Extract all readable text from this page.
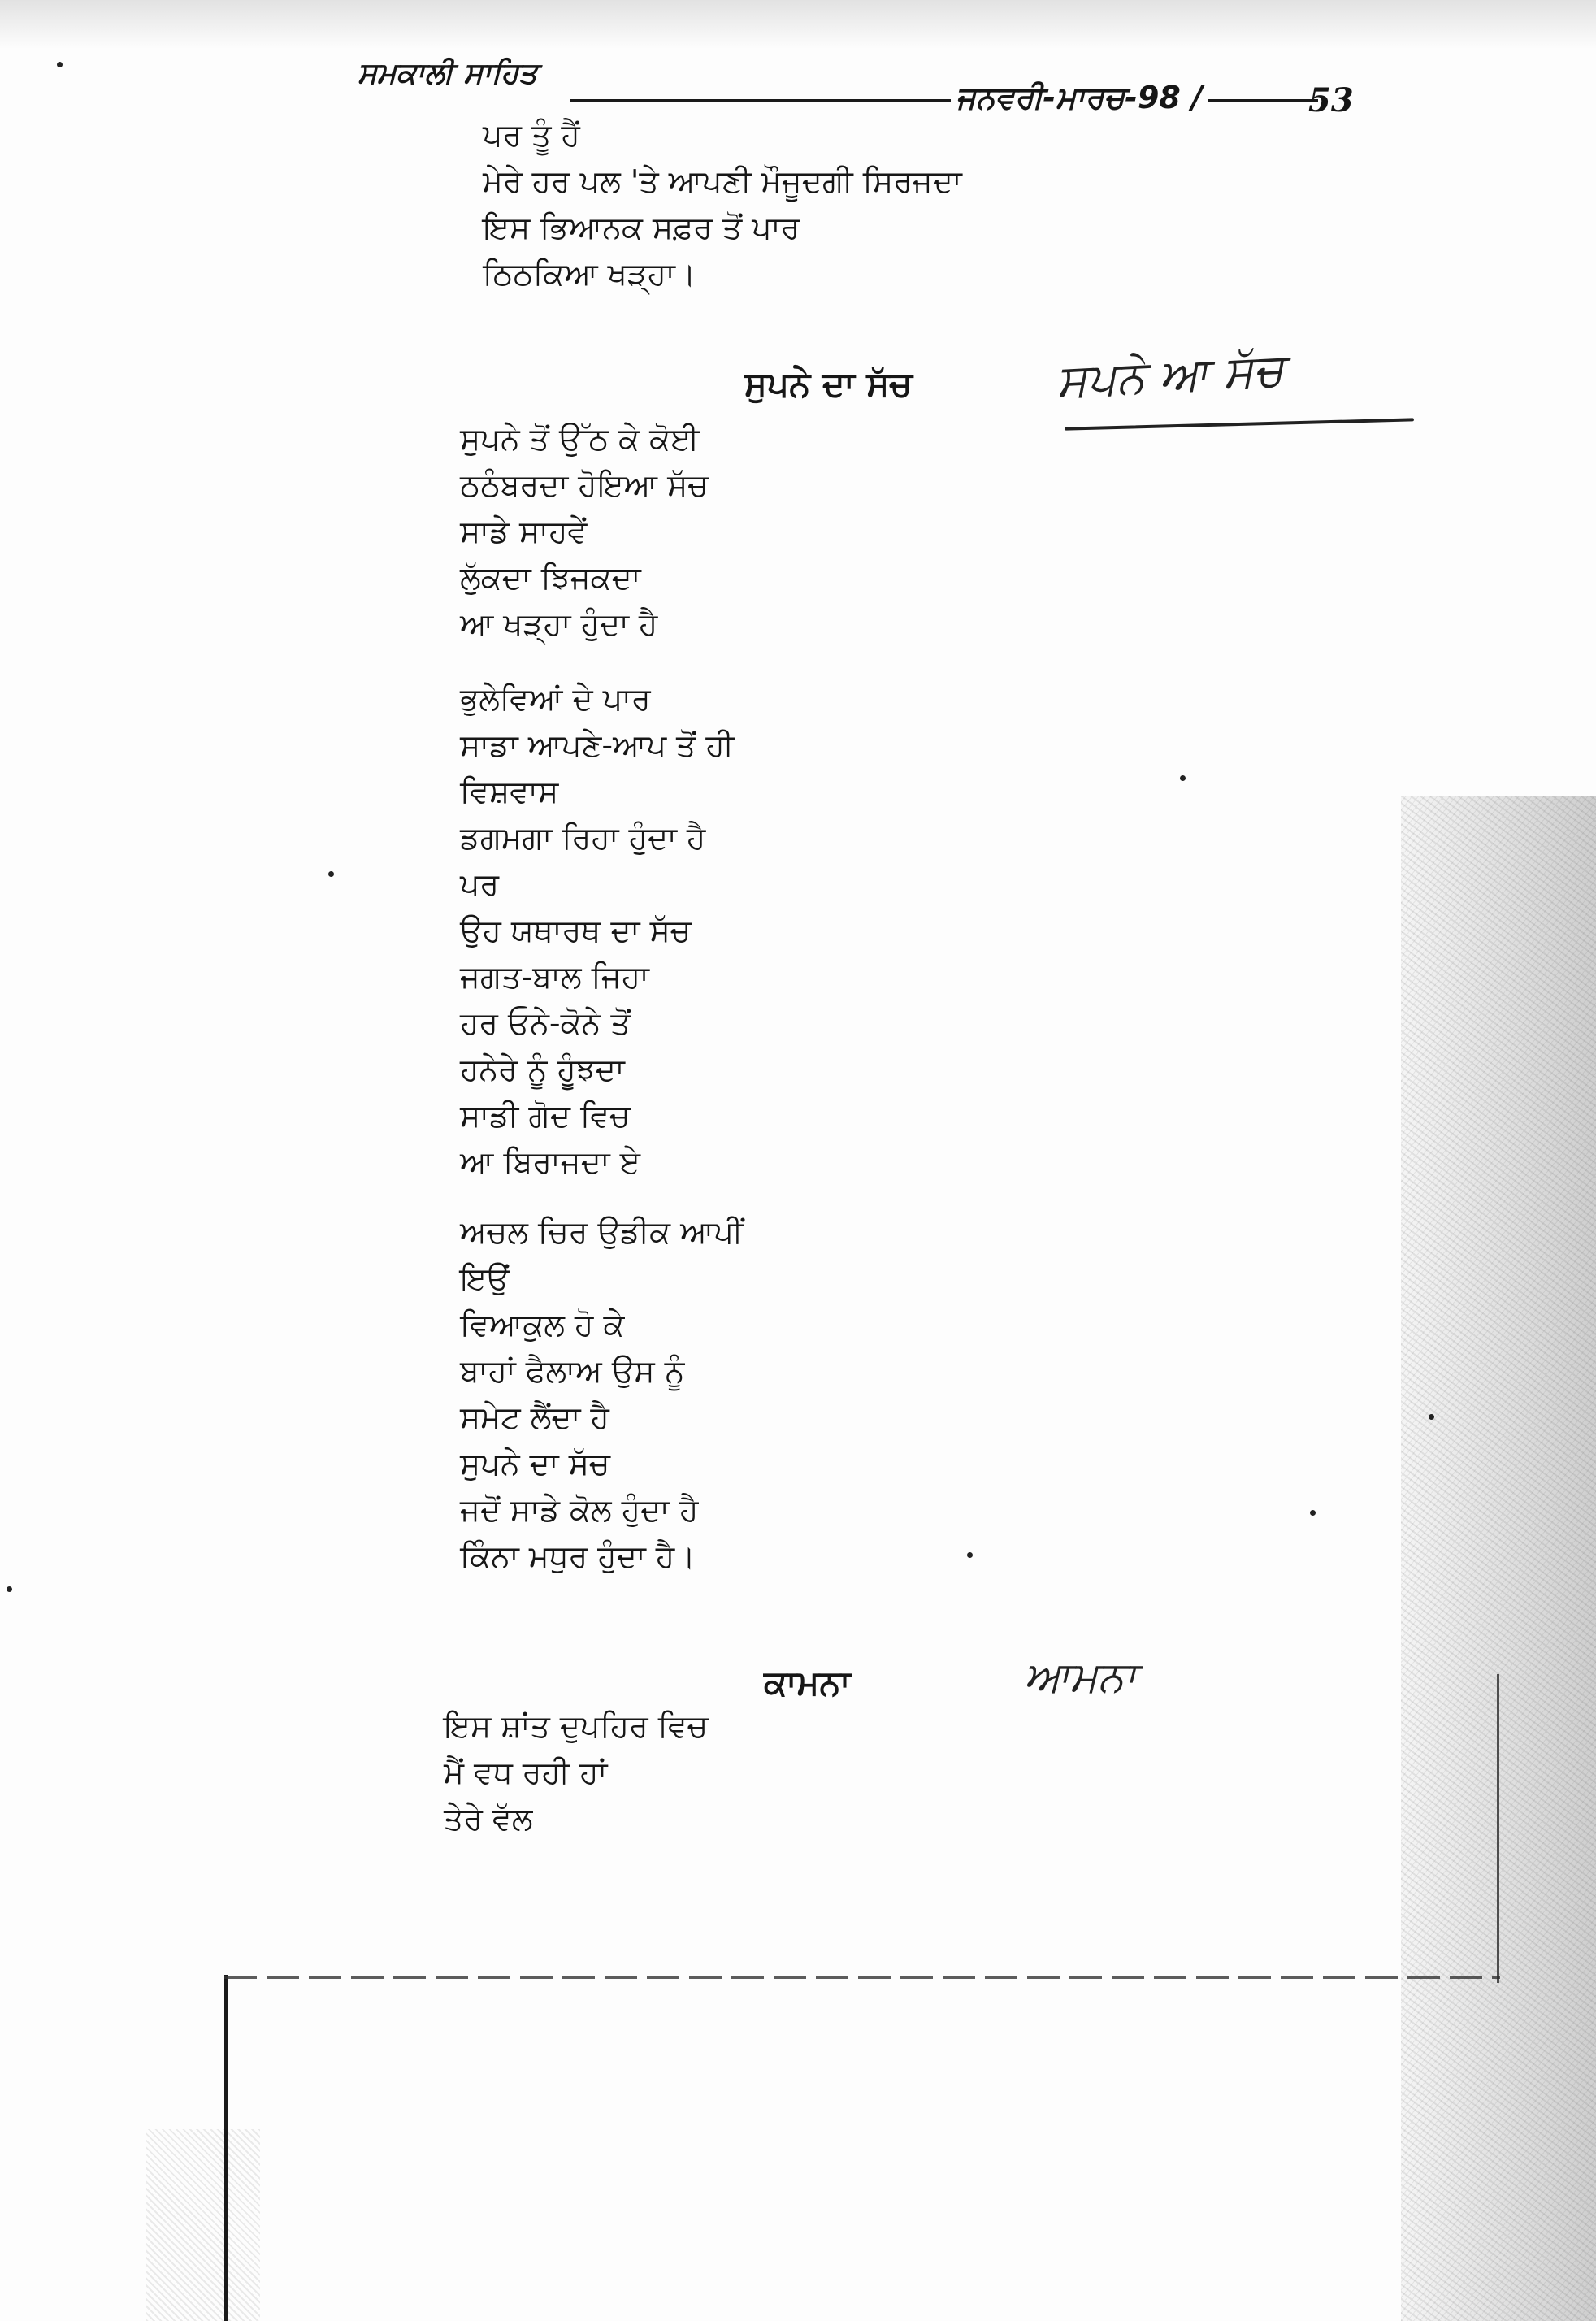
ਸਮਕਾਲੀ ਸਾਹਿਤ
ਜਨਵਰੀ-ਮਾਰਚ-98 /	53
ਪਰ ਤੂੰ ਹੈਂ
ਮੇਰੇ ਹਰ ਪਲ 'ਤੇ ਆਪਣੀ ਮੌਜੂਦਗੀ ਸਿਰਜਦਾ
ਇਸ ਭਿਆਨਕ ਸਫ਼ਰ ਤੋਂ ਪਾਰ
ਠਿਠਕਿਆ ਖੜ੍ਹਾ।
ਸੁਪਨੇ ਦਾ ਸੱਚ	ਸਪਨੇ ਆ ਸੱਚ
ਸੁਪਨੇ ਤੋਂ ਉੱਠ ਕੇ ਕੋਈ
ਠਠੰਬਰਦਾ ਹੋਇਆ ਸੱਚ
ਸਾਡੇ ਸਾਹਵੇਂ
ਲੁੱਕਦਾ ਝਿਜਕਦਾ
ਆ ਖੜ੍ਹਾ ਹੁੰਦਾ ਹੈ
ਭੁਲੇਵਿਆਂ ਦੇ ਪਾਰ
ਸਾਡਾ ਆਪਣੇ-ਆਪ ਤੋਂ ਹੀ
ਵਿਸ਼ਵਾਸ
ਡਗਮਗਾ ਰਿਹਾ ਹੁੰਦਾ ਹੈ
ਪਰ
ਉਹ ਯਥਾਰਥ ਦਾ ਸੱਚ
ਜਗਤ-ਬਾਲ ਜਿਹਾ
ਹਰ ਓਨੇ-ਕੋਨੇ ਤੋਂ
ਹਨੇਰੇ ਨੂੰ ਹੂੰਝਦਾ
ਸਾਡੀ ਗੋਦ ਵਿਚ
ਆ ਬਿਰਾਜਦਾ ਏ
ਅਚਲ ਚਿਰ ਉਡੀਕ ਆਪੀਂ
ਇਉਂ
ਵਿਆਕੁਲ ਹੋ ਕੇ
ਬਾਹਾਂ ਫੈਲਾਅ ਉਸ ਨੂੰ
ਸਮੇਟ ਲੈਂਦਾ ਹੈ
ਸੁਪਨੇ ਦਾ ਸੱਚ
ਜਦੋਂ ਸਾਡੇ ਕੋਲ ਹੁੰਦਾ ਹੈ
ਕਿੰਨਾ ਮਧੁਰ ਹੁੰਦਾ ਹੈ।
ਕਾਮਨਾ	ਆਮਨਾ
ਇਸ ਸ਼ਾਂਤ ਦੁਪਹਿਰ ਵਿਚ
ਮੈਂ ਵਧ ਰਹੀ ਹਾਂ
ਤੇਰੇ ਵੱਲ
